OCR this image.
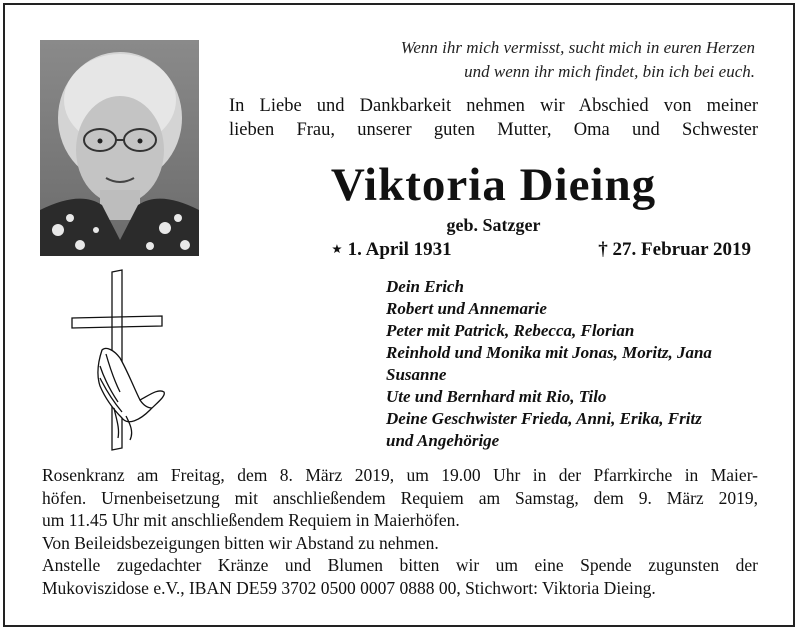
Wenn ihr mich vermisst, sucht mich in euren Herzen
und wenn ihr mich findet, bin ich bei euch.
In Liebe und Dankbarkeit nehmen wir Abschied von meiner
lieben Frau, unserer guten Mutter, Oma und Schwester
Viktoria Dieing
geb. Satzger
⋆ 1. April 1931	† 27. Februar 2019
Dein Erich
Robert und Annemarie
Peter mit Patrick, Rebecca, Florian
Reinhold und Monika mit Jonas, Moritz, Jana
Susanne
Ute und Bernhard mit Rio, Tilo
Deine Geschwister Frieda, Anni, Erika, Fritz
und Angehörige
Rosenkranz am Freitag, dem 8. März 2019, um 19.00 Uhr in der Pfarrkirche in Maier-
höfen. Urnenbeisetzung mit anschließendem Requiem am Samstag, dem 9. März 2019,
um 11.45 Uhr mit anschließendem Requiem in Maierhöfen.
Von Beileidsbezeigungen bitten wir Abstand zu nehmen.
Anstelle zugedachter Kränze und Blumen bitten wir um eine Spende zugunsten der
Mukoviszidose e.V., IBAN DE59 3702 0500 0007 0888 00, Stichwort: Viktoria Dieing.
